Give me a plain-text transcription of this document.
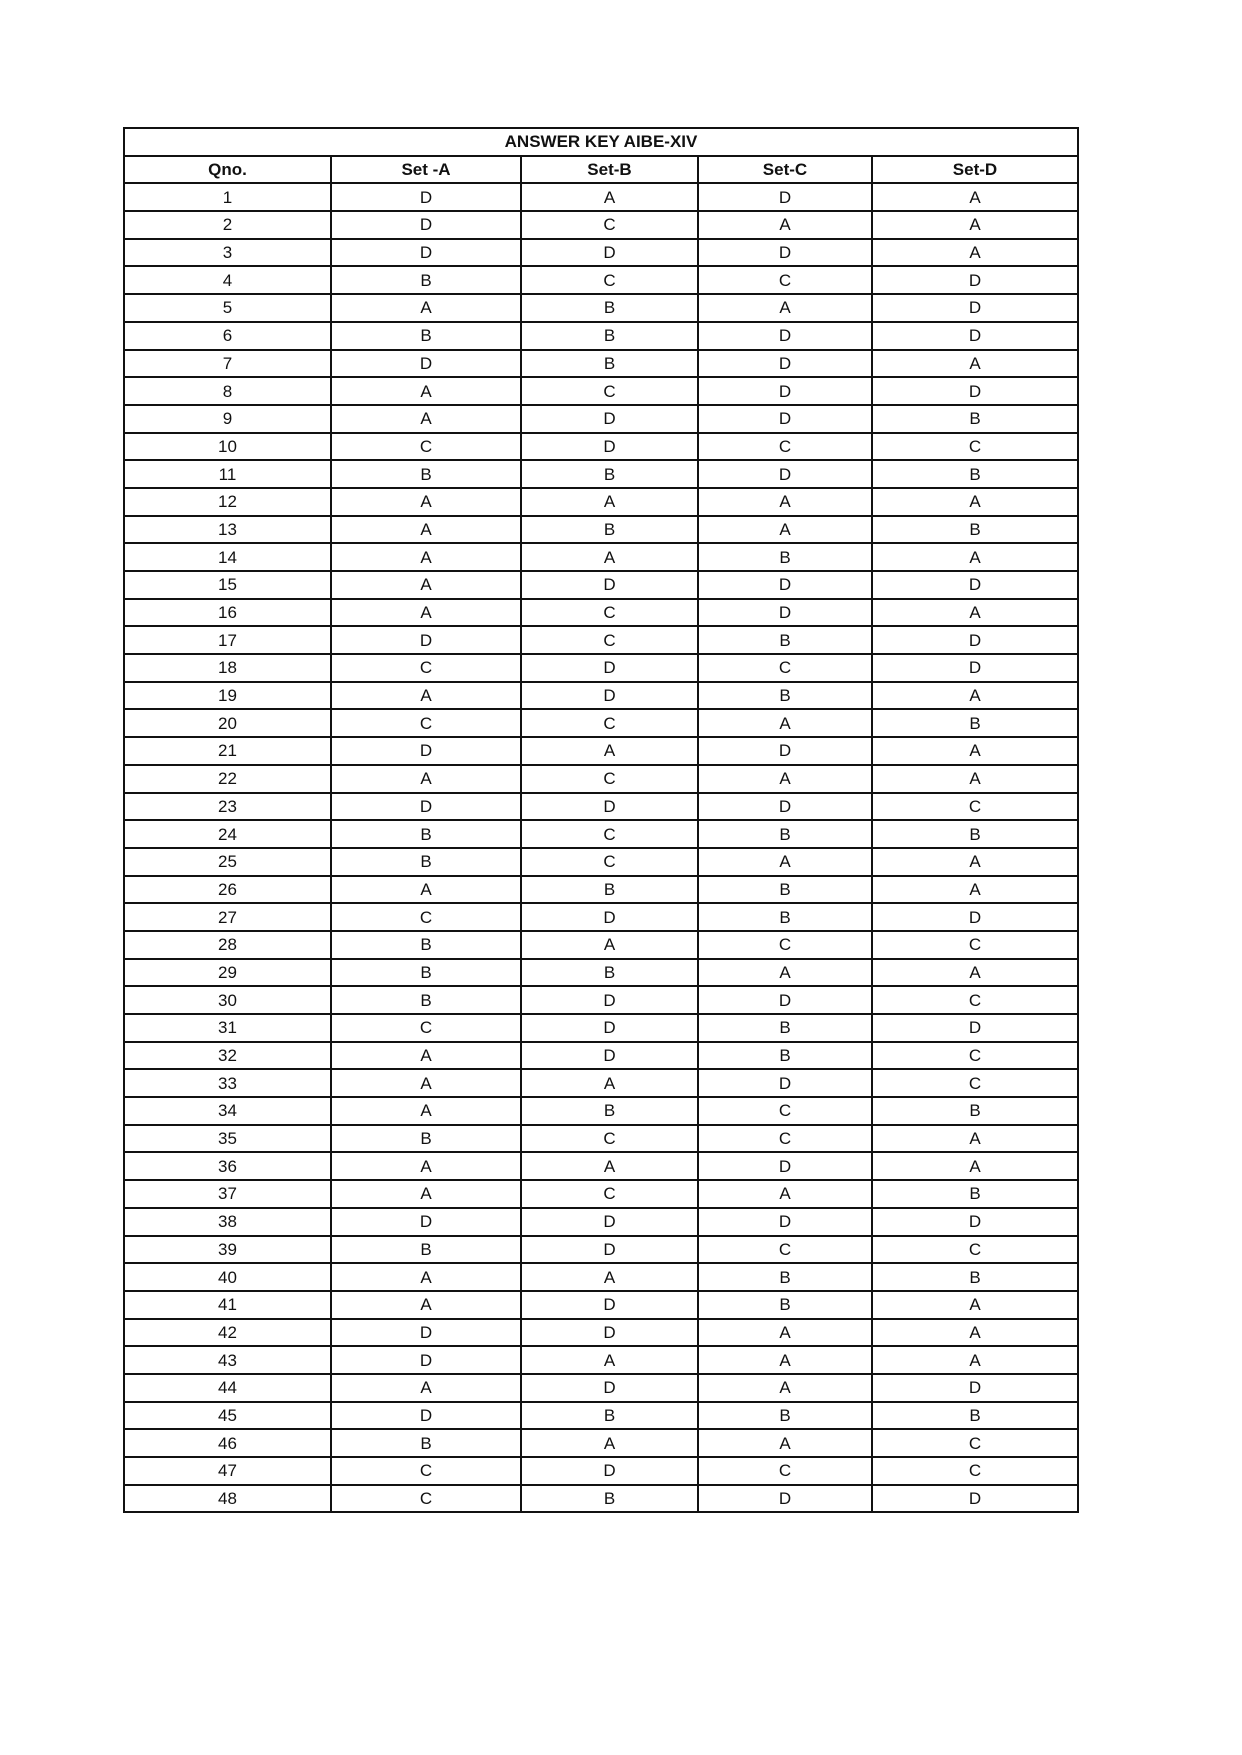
ANSWER KEY AIBE-XIV				
Qno.	Set -A	Set-B	Set-C	Set-D
1	D	A	D	A
2	D	C	A	A
3	D	D	D	A
4	B	C	C	D
5	A	B	A	D
6	B	B	D	D
7	D	B	D	A
8	A	C	D	D
9	A	D	D	B
10	C	D	C	C
11	B	B	D	B
12	A	A	A	A
13	A	B	A	B
14	A	A	B	A
15	A	D	D	D
16	A	C	D	A
17	D	C	B	D
18	C	D	C	D
19	A	D	B	A
20	C	C	A	B
21	D	A	D	A
22	A	C	A	A
23	D	D	D	C
24	B	C	B	B
25	B	C	A	A
26	A	B	B	A
27	C	D	B	D
28	B	A	C	C
29	B	B	A	A
30	B	D	D	C
31	C	D	B	D
32	A	D	B	C
33	A	A	D	C
34	A	B	C	B
35	B	C	C	A
36	A	A	D	A
37	A	C	A	B
38	D	D	D	D
39	B	D	C	C
40	A	A	B	B
41	A	D	B	A
42	D	D	A	A
43	D	A	A	A
44	A	D	A	D
45	D	B	B	B
46	B	A	A	C
47	C	D	C	C
48	C	B	D	D
